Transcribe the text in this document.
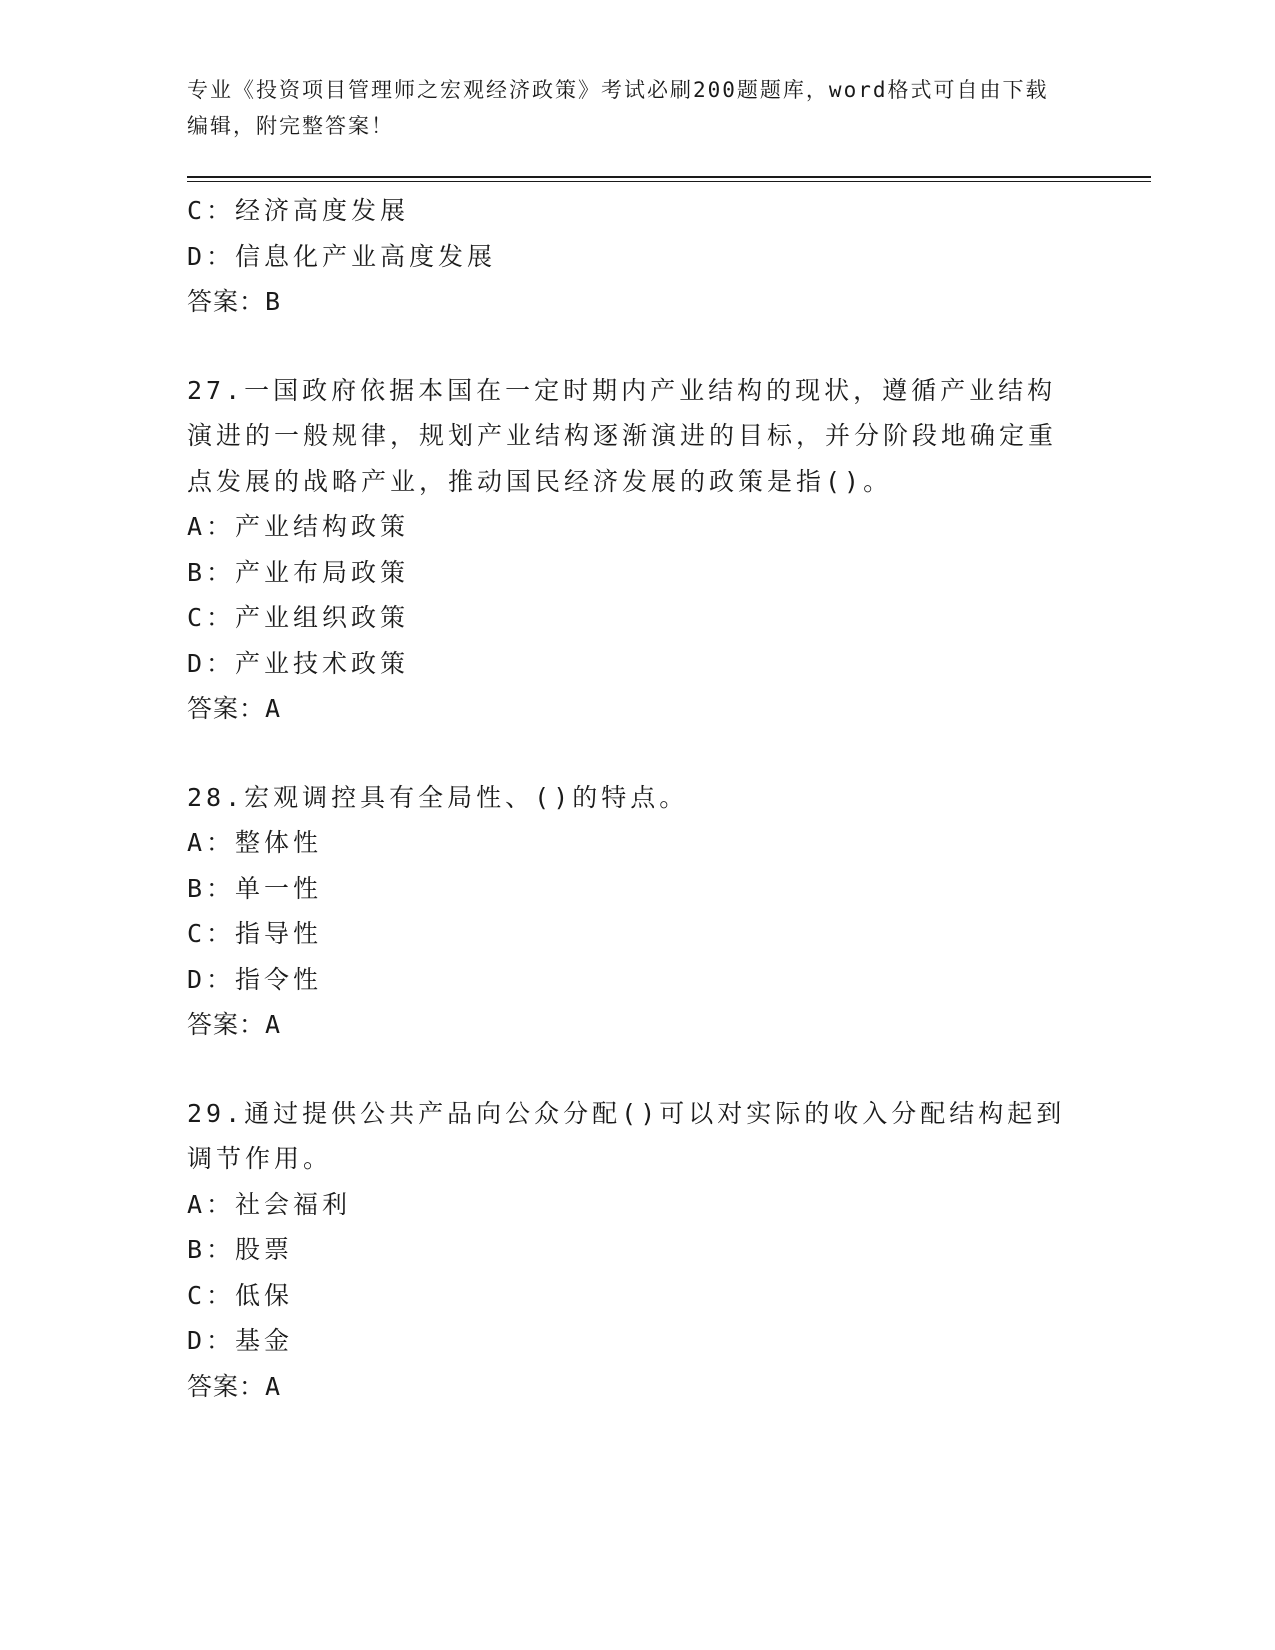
专业《投资项目管理师之宏观经济政策》考试必刷200题题库，word格式可自由下载编辑，附完整答案！
C：经济高度发展
D：信息化产业高度发展
答案：B
27.一国政府依据本国在一定时期内产业结构的现状，遵循产业结构演进的一般规律，规划产业结构逐渐演进的目标，并分阶段地确定重点发展的战略产业，推动国民经济发展的政策是指()。
A：产业结构政策
B：产业布局政策
C：产业组织政策
D：产业技术政策
答案：A
28.宏观调控具有全局性、()的特点。
A：整体性
B：单一性
C：指导性
D：指令性
答案：A
29.通过提供公共产品向公众分配()可以对实际的收入分配结构起到调节作用。
A：社会福利
B：股票
C：低保
D：基金
答案：A
